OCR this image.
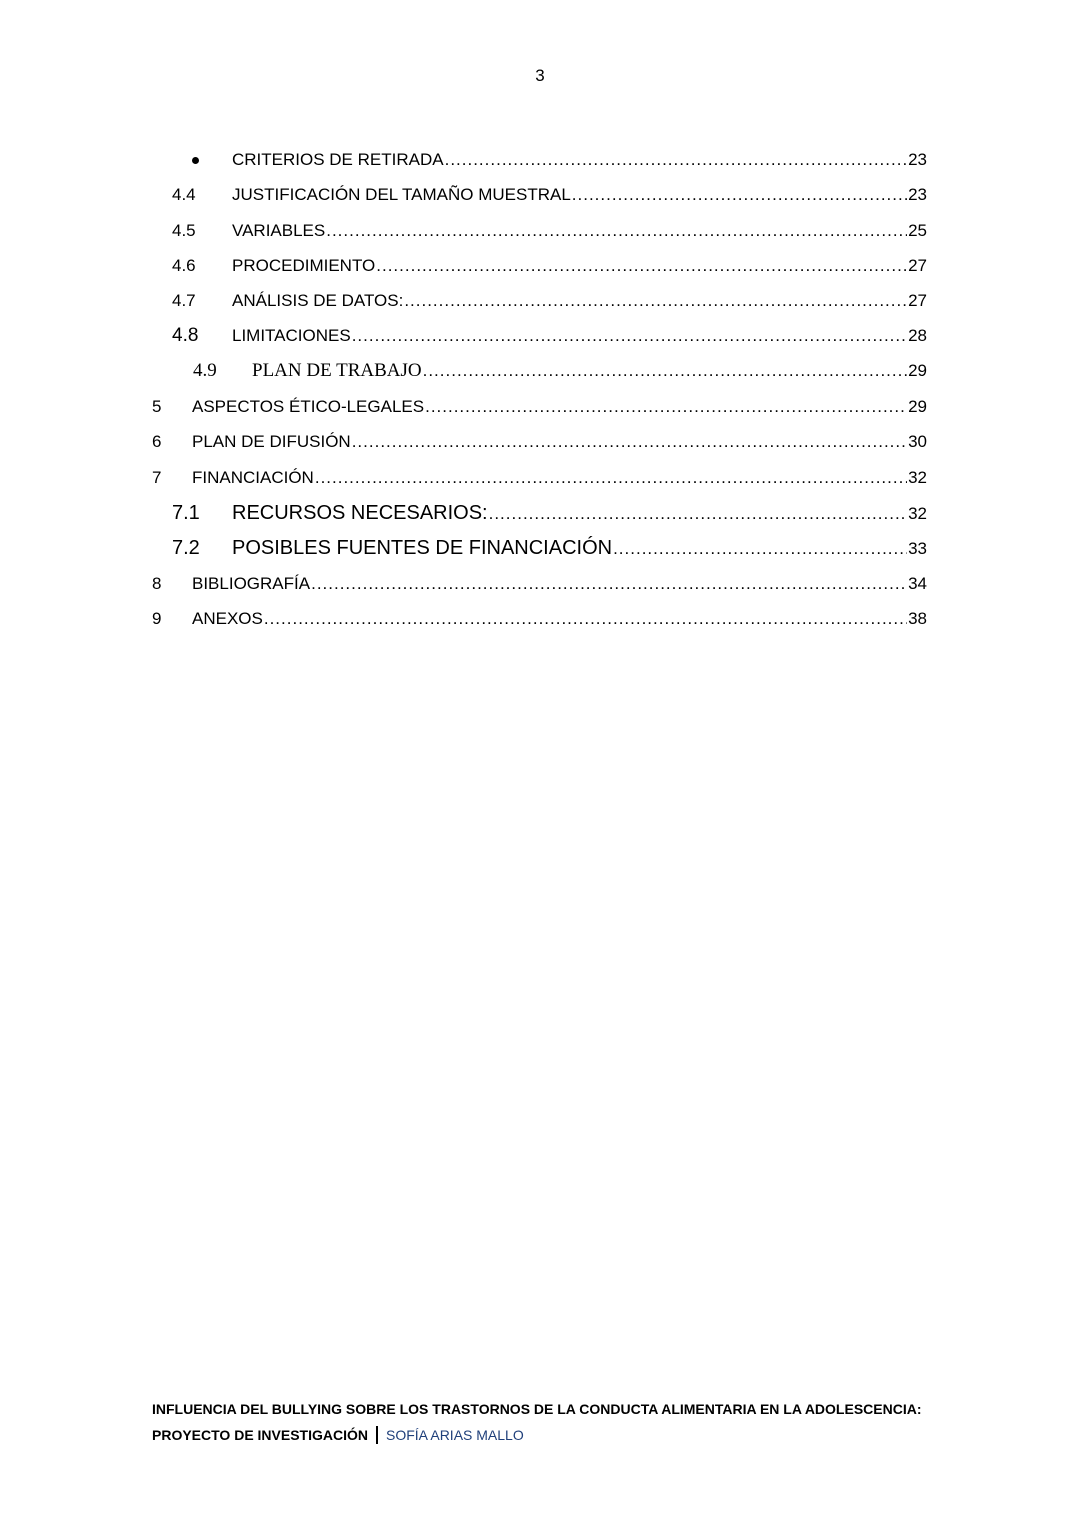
3
CRITERIOS DE RETIRADA .....	23
4.4	JUSTIFICACIÓN DEL TAMAÑO MUESTRAL .....	23
4.5	VARIABLES .....	25
4.6	PROCEDIMIENTO .....	27
4.7	ANÁLISIS DE DATOS: .....	27
4.8	LIMITACIONES .....	28
4.9	PLAN DE TRABAJO .....	29
5	ASPECTOS ÉTICO-LEGALES .....	29
6	PLAN DE DIFUSIÓN .....	30
7	FINANCIACIÓN .....	32
7.1	RECURSOS NECESARIOS: .....	32
7.2	POSIBLES FUENTES DE FINANCIACIÓN .....	33
8	BIBLIOGRAFÍA .....	34
9	ANEXOS .....	38
INFLUENCIA DEL BULLYING SOBRE LOS TRASTORNOS DE LA CONDUCTA ALIMENTARIA EN LA ADOLESCENCIA:
PROYECTO DE INVESTIGACIÓN SOFÍA ARIAS MALLO
